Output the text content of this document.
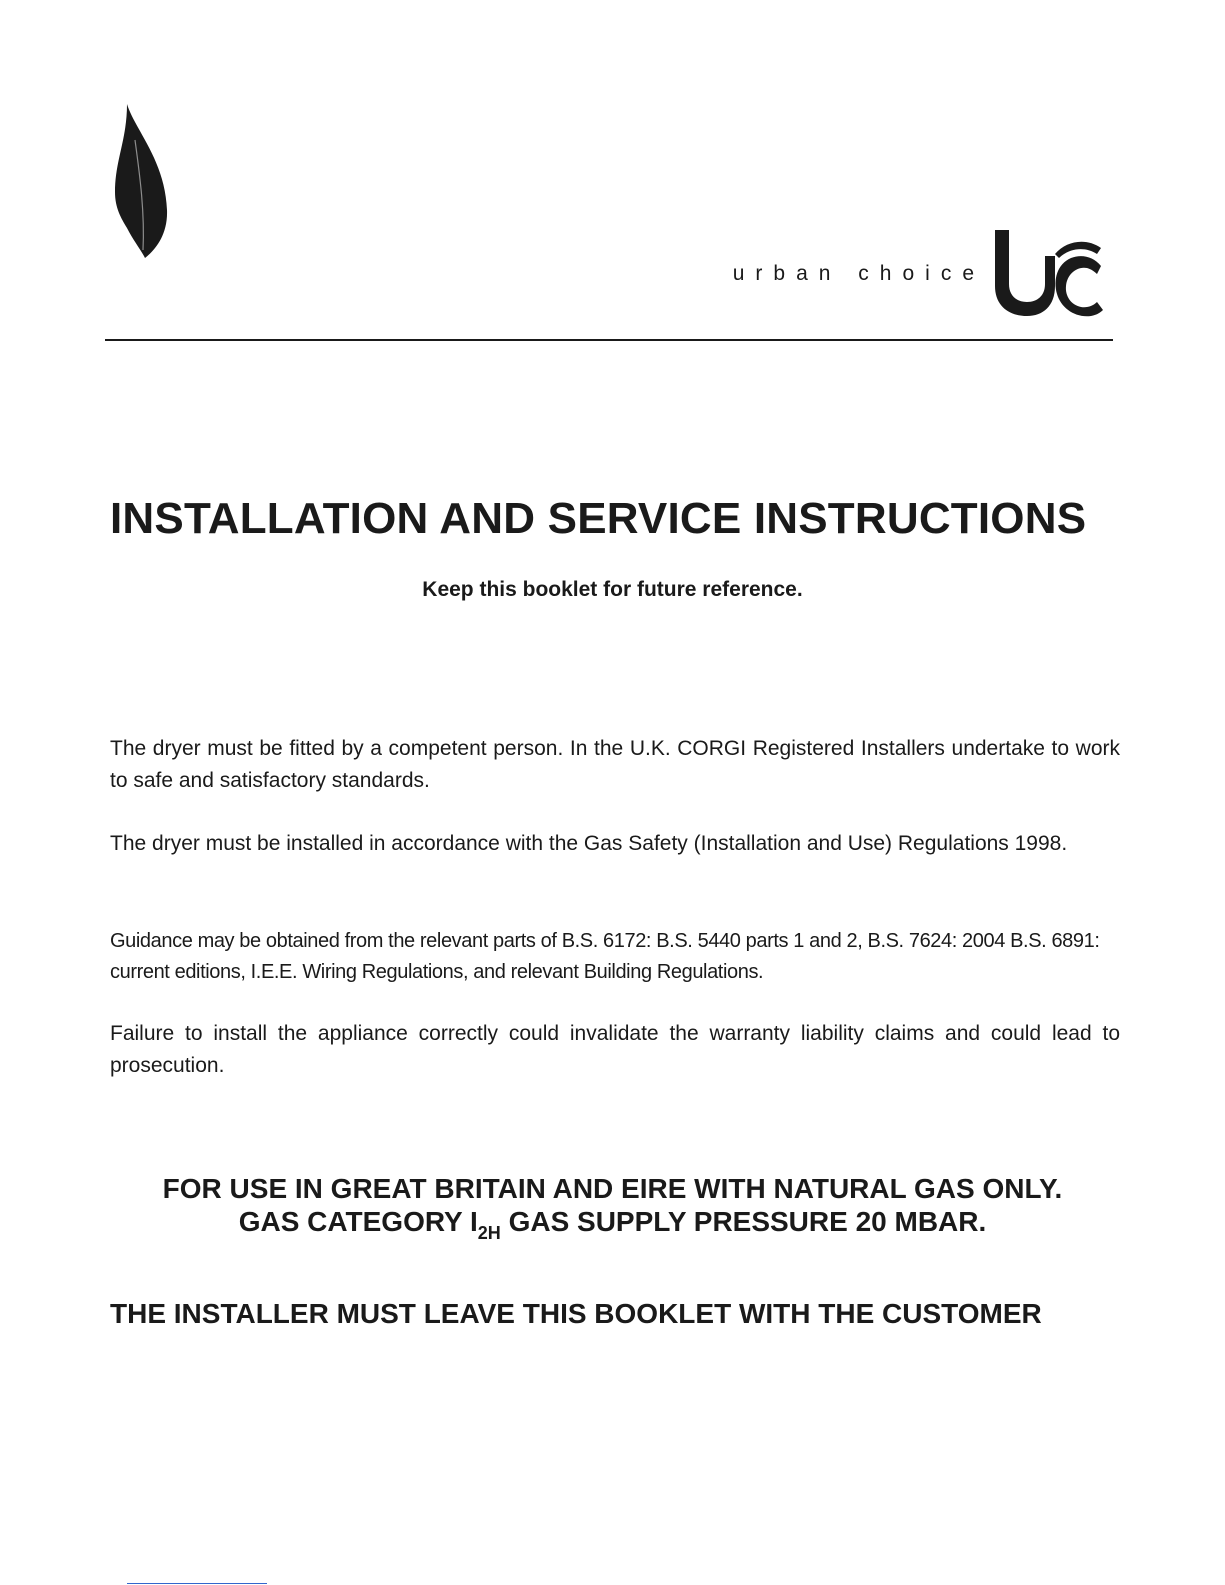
urban choice
INSTALLATION AND SERVICE INSTRUCTIONS

Keep this booklet for future reference.

The dryer must be fitted by a competent person. In the U.K. CORGI Registered Installers undertake to work to safe and satisfactory standards.

The dryer must be installed in accordance with the Gas Safety (Installation and Use) Regulations 1998.

Guidance may be obtained from the relevant parts of B.S. 6172: B.S. 5440 parts 1 and 2, B.S. 7624: 2004 B.S. 6891: current editions, I.E.E. Wiring Regulations, and relevant Building Regulations.

Failure to install the appliance correctly could invalidate the warranty liability claims and could lead to prosecution.

FOR USE IN GREAT BRITAIN AND EIRE WITH NATURAL GAS ONLY.
GAS CATEGORY $I_{2H}$ GAS SUPPLY PRESSURE 20 MBAR.

THE INSTALLER MUST LEAVE THIS BOOKLET WITH THE CUSTOMER
